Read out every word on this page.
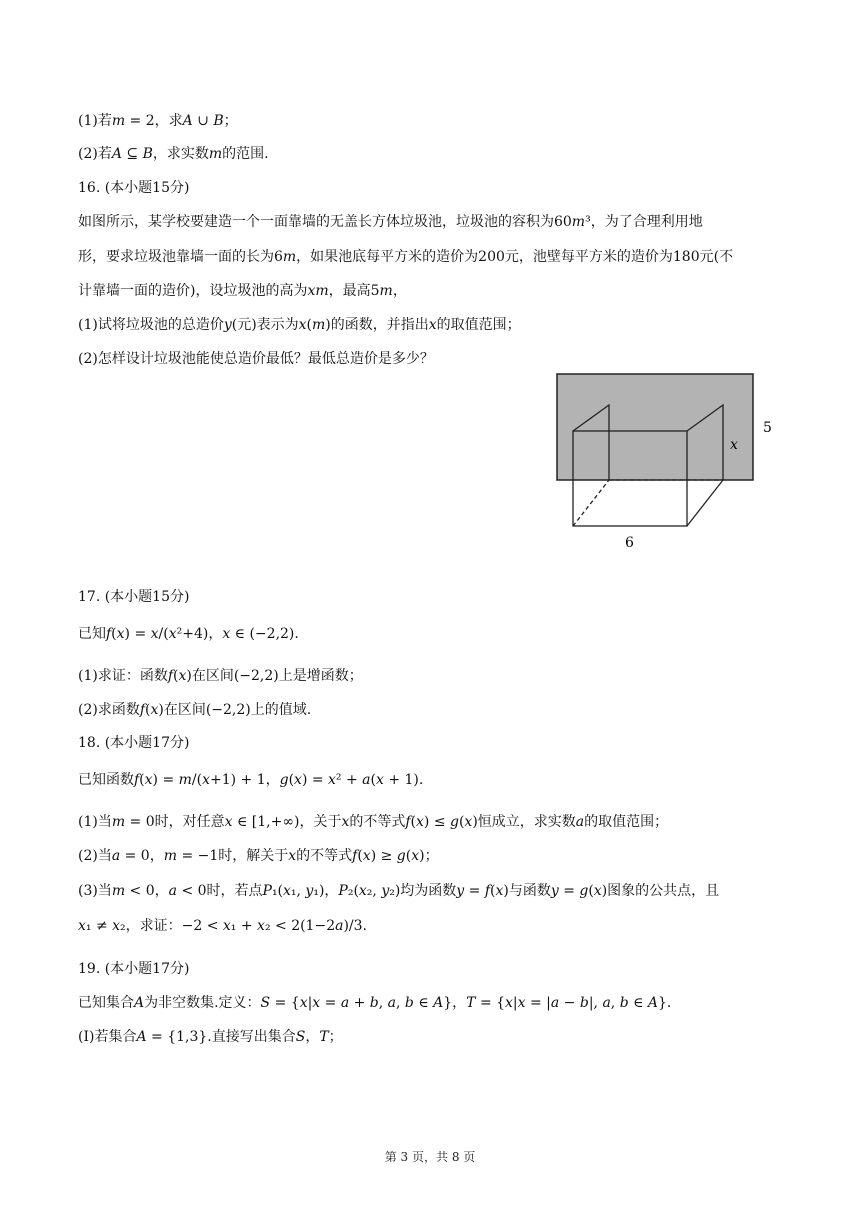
(1)若𝑚 = 2，求𝐴 ∪ 𝐵；
(2)若𝐴 ⊆ 𝐵，求实数𝑚的范围.
16. (本小题15分)
如图所示，某学校要建造一个一面靠墙的无盖长方体垃圾池，垃圾池的容积为60𝑚³，为了合理利用地
形，要求垃圾池靠墙一面的长为6𝑚，如果池底每平方米的造价为200元，池壁每平方米的造价为180元(不
计靠墙一面的造价)，设垃圾池的高为𝑥𝑚，最高5𝑚，
(1)试将垃圾池的总造价𝑦(元)表示为𝑥(𝑚)的函数，并指出𝑥的取值范围；
(2)怎样设计垃圾池能使总造价最低？最低总造价是多少？
𝑥
5
6
17. (本小题15分)
已知𝑓(𝑥) = 𝑥/(𝑥²+4)，𝑥 ∈ (−2,2).
(1)求证：函数𝑓(𝑥)在区间(−2,2)上是增函数；
(2)求函数𝑓(𝑥)在区间(−2,2)上的值域.
18. (本小题17分)
已知函数𝑓(𝑥) = 𝑚/(𝑥+1) + 1，𝑔(𝑥) = 𝑥² + 𝑎(𝑥 + 1).
(1)当𝑚 = 0时，对任意𝑥 ∈ [1,+∞)，关于𝑥的不等式𝑓(𝑥) ≤ 𝑔(𝑥)恒成立，求实数𝑎的取值范围；
(2)当𝑎 = 0，𝑚 = −1时，解关于𝑥的不等式𝑓(𝑥) ≥ 𝑔(𝑥)；
(3)当𝑚 < 0，𝑎 < 0时，若点𝑃₁(𝑥₁, 𝑦₁)，𝑃₂(𝑥₂, 𝑦₂)均为函数𝑦 = 𝑓(𝑥)与函数𝑦 = 𝑔(𝑥)图象的公共点，且
𝑥₁ ≠ 𝑥₂，求证：−2 < 𝑥₁ + 𝑥₂ < 2(1−2𝑎)/3.
19. (本小题17分)
已知集合𝐴为非空数集.定义：𝑆 = {𝑥|𝑥 = 𝑎 + 𝑏, 𝑎, 𝑏 ∈ 𝐴}，𝑇 = {𝑥|𝑥 = |𝑎 − 𝑏|, 𝑎, 𝑏 ∈ 𝐴}.
(Ⅰ)若集合𝐴 = {1,3}.直接写出集合𝑆，𝑇；
第 3 页，共 8 页
